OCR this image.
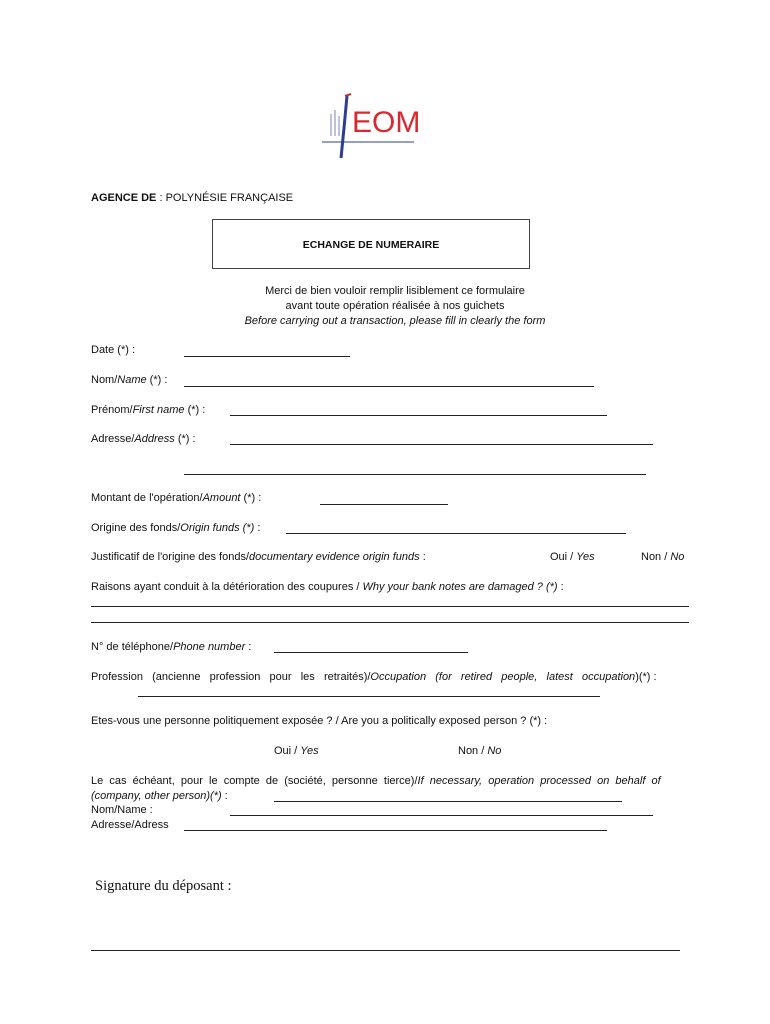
EOM
AGENCE DE : POLYNÉSIE FRANÇAISE
ECHANGE DE NUMERAIRE
Merci de bien vouloir remplir lisiblement ce formulaire
avant toute opération réalisée à nos guichets
Before carrying out a transaction, please fill in clearly the form
Date (*) :
Nom/Name (*) :
Prénom/First name (*) :
Adresse/Address (*) :
Montant de l'opération/Amount (*) :
Origine des fonds/Origin funds (*) :
Justificatif de l'origine des fonds/documentary evidence origin funds :	Oui / Yes	Non / No
Raisons ayant conduit à la détérioration des coupures / Why your bank notes are damaged ? (*) :
N° de téléphone/Phone number :
Profession   (ancienne   profession   pour   les   retraités)/Occupation   (for   retired   people,   latest   occupation)(*) :
Etes-vous une personne politiquement exposée ? / Are you a politically exposed person ? (*) :
Oui / Yes	Non / No
Le  cas  échéant,  pour  le  compte  de  (société,  personne  tierce)/If  necessary,  operation  processed  on  behalf  of
(company, other person)(*) :
Nom/Name :
Adresse/Adress
Signature du déposant :
